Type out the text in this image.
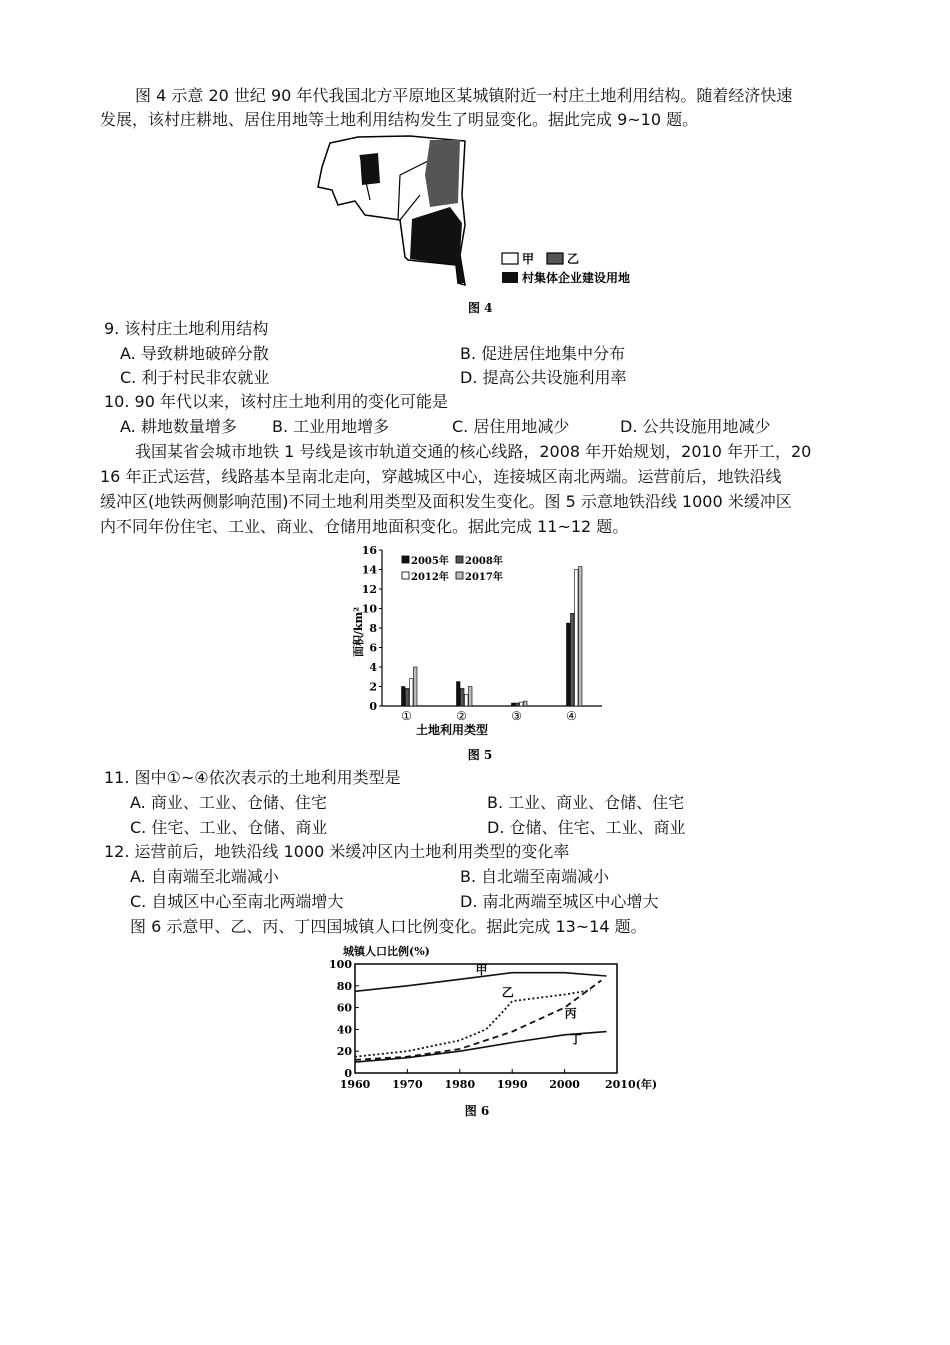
图 4 示意 20 世纪 90 年代我国北方平原地区某城镇附近一村庄土地利用结构。随着经济快速
发展，该村庄耕地、居住用地等土地利用结构发生了明显变化。据此完成 9~10 题。
甲	乙
村集体企业建设用地
图 4
9. 该村庄土地利用结构
A. 导致耕地破碎分散	B. 促进居住地集中分布
C. 利于村民非农就业	D. 提高公共设施利用率
10. 90 年代以来，该村庄土地利用的变化可能是
A. 耕地数量增多 B. 工业用地增多	C. 居住用地减少	D. 公共设施用地减少
我国某省会城市地铁 1 号线是该市轨道交通的核心线路，2008 年开始规划，2010 年开工，20
16 年正式运营，线路基本呈南北走向，穿越城区中心，连接城区南北两端。运营前后，地铁沿线
缓冲区(地铁两侧影响范围)不同土地利用类型及面积发生变化。图 5 示意地铁沿线 1000 米缓冲区
内不同年份住宅、工业、商业、仓储用地面积变化。据此完成 11~12 题。
0
2
4
6
8
10
12
14
16
①	②	③	④
2005年 2008年
2012年 2017年
面积/km²
土地利用类型
图 5
11. 图中①~④依次表示的土地利用类型是
A. 商业、工业、仓储、住宅	B. 工业、商业、仓储、住宅
C. 住宅、工业、仓储、商业	D. 仓储、住宅、工业、商业
12. 运营前后，地铁沿线 1000 米缓冲区内土地利用类型的变化率
A. 自南端至北端减小	B. 自北端至南端减小
C. 自城区中心至南北两端增大	D. 南北两端至城区中心增大
图 6 示意甲、乙、丙、丁四国城镇人口比例变化。据此完成 13~14 题。
城镇人口比例(%)
0
20
40
60
80
100
1960 1970 1980 1990 2000 2010(年)
甲
乙
丙
丁
图 6
